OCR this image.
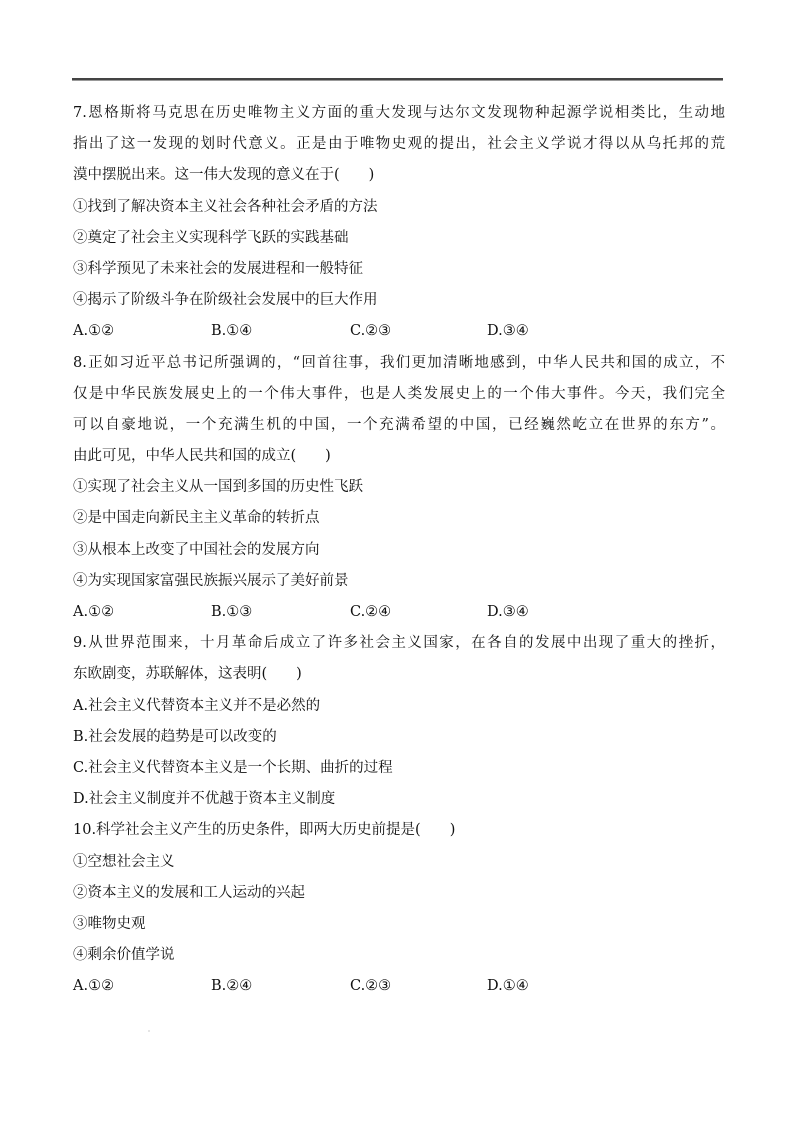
7.恩格斯将马克思在历史唯物主义方面的重大发现与达尔文发现物种起源学说相类比，生动地
指出了这一发现的划时代意义。正是由于唯物史观的提出，社会主义学说才得以从乌托邦的荒
漠中摆脱出来。这一伟大发现的意义在于(　　)
①找到了解决资本主义社会各种社会矛盾的方法
②奠定了社会主义实现科学飞跃的实践基础
③科学预见了未来社会的发展进程和一般特征
④揭示了阶级斗争在阶级社会发展中的巨大作用
A.①②	B.①④	C.②③	D.③④
8.正如习近平总书记所强调的，“回首往事，我们更加清晰地感到，中华人民共和国的成立，不
仅是中华民族发展史上的一个伟大事件，也是人类发展史上的一个伟大事件。今天，我们完全
可以自豪地说，一个充满生机的中国，一个充满希望的中国，已经巍然屹立在世界的东方”。
由此可见，中华人民共和国的成立(　　)
①实现了社会主义从一国到多国的历史性飞跃
②是中国走向新民主主义革命的转折点
③从根本上改变了中国社会的发展方向
④为实现国家富强民族振兴展示了美好前景
A.①②	B.①③	C.②④	D.③④
9.从世界范围来，十月革命后成立了许多社会主义国家，在各自的发展中出现了重大的挫折，
东欧剧变，苏联解体，这表明(　　)
A.社会主义代替资本主义并不是必然的
B.社会发展的趋势是可以改变的
C.社会主义代替资本主义是一个长期、曲折的过程
D.社会主义制度并不优越于资本主义制度
10.科学社会主义产生的历史条件，即两大历史前提是(　　)
①空想社会主义
②资本主义的发展和工人运动的兴起
③唯物史观
④剩余价值学说
A.①②	B.②④	C.②③	D.①④
